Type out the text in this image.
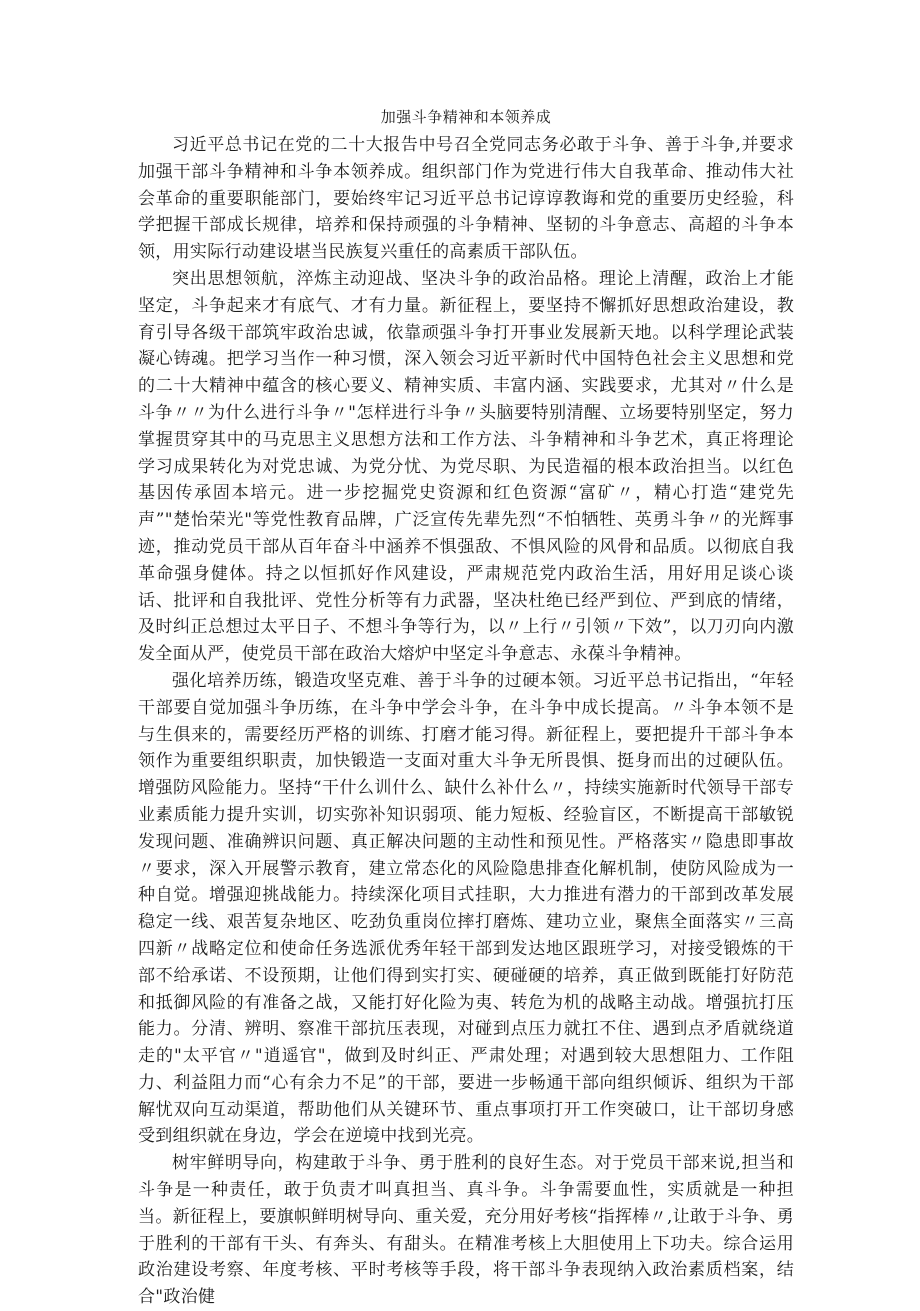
加强斗争精神和本领养成

习近平总书记在党的二十大报告中号召全党同志务必敢于斗争、善于斗争,并要求加强干部斗争精神和斗争本领养成。组织部门作为党进行伟大自我革命、推动伟大社会革命的重要职能部门，要始终牢记习近平总书记谆谆教诲和党的重要历史经验，科学把握干部成长规律，培养和保持顽强的斗争精神、坚韧的斗争意志、高超的斗争本领，用实际行动建设堪当民族复兴重任的高素质干部队伍。

突出思想领航，淬炼主动迎战、坚决斗争的政治品格。理论上清醒，政治上才能坚定，斗争起来才有底气、才有力量。新征程上，要坚持不懈抓好思想政治建设，教育引导各级干部筑牢政治忠诚，依靠顽强斗争打开事业发展新天地。以科学理论武装凝心铸魂。把学习当作一种习惯，深入领会习近平新时代中国特色社会主义思想和党的二十大精神中蕴含的核心要义、精神实质、丰富内涵、实践要求，尤其对〃什么是斗争〃〃为什么进行斗争〃"怎样进行斗争〃头脑要特别清醒、立场要特别坚定，努力掌握贯穿其中的马克思主义思想方法和工作方法、斗争精神和斗争艺术，真正将理论学习成果转化为对党忠诚、为党分忧、为党尽职、为民造福的根本政治担当。以红色基因传承固本培元。进一步挖掘党史资源和红色资源“富矿〃，精心打造“建党先声”"楚怡荣光"等党性教育品牌，广泛宣传先辈先烈“不怕牺牲、英勇斗争〃的光辉事迹，推动党员干部从百年奋斗中涵养不惧强敌、不惧风险的风骨和品质。以彻底自我革命强身健体。持之以恒抓好作风建设，严肃规范党内政治生活，用好用足谈心谈话、批评和自我批评、党性分析等有力武器，坚决杜绝已经严到位、严到底的情绪，及时纠正总想过太平日子、不想斗争等行为，以〃上行〃引领〃下效”，以刀刃向内激发全面从严，使党员干部在政治大熔炉中坚定斗争意志、永葆斗争精神。

强化培养历练，锻造攻坚克难、善于斗争的过硬本领。习近平总书记指出，“年轻干部要自觉加强斗争历练，在斗争中学会斗争，在斗争中成长提高。〃斗争本领不是与生俱来的，需要经历严格的训练、打磨才能习得。新征程上，要把提升干部斗争本领作为重要组织职责，加快锻造一支面对重大斗争无所畏惧、挺身而出的过硬队伍。增强防风险能力。坚持“干什么训什么、缺什么补什么〃，持续实施新时代领导干部专业素质能力提升实训，切实弥补知识弱项、能力短板、经验盲区，不断提高干部敏锐发现问题、准确辨识问题、真正解决问题的主动性和预见性。严格落实〃隐患即事故〃要求，深入开展警示教育，建立常态化的风险隐患排查化解机制，使防风险成为一种自觉。增强迎挑战能力。持续深化项目式挂职，大力推进有潜力的干部到改革发展稳定一线、艰苦复杂地区、吃劲负重岗位摔打磨炼、建功立业，聚焦全面落实〃三高四新〃战略定位和使命任务选派优秀年轻干部到发达地区跟班学习，对接受锻炼的干部不给承诺、不设预期，让他们得到实打实、硬碰硬的培养，真正做到既能打好防范和抵御风险的有准备之战，又能打好化险为夷、转危为机的战略主动战。增强抗打压能力。分清、辨明、察准干部抗压表现，对碰到点压力就扛不住、遇到点矛盾就绕道走的"太平官〃"逍遥官"，做到及时纠正、严肃处理；对遇到较大思想阻力、工作阻力、利益阻力而“心有余力不足”的干部，要进一步畅通干部向组织倾诉、组织为干部解忧双向互动渠道，帮助他们从关键环节、重点事项打开工作突破口，让干部切身感受到组织就在身边，学会在逆境中找到光亮。

树牢鲜明导向，构建敢于斗争、勇于胜利的良好生态。对于党员干部来说,担当和斗争是一种责任，敢于负责才叫真担当、真斗争。斗争需要血性，实质就是一种担当。新征程上，要旗帜鲜明树导向、重关爱，充分用好考核“指挥棒〃,让敢于斗争、勇于胜利的干部有干头、有奔头、有甜头。在精准考核上大胆使用上下功夫。综合运用政治建设考察、年度考核、平时考核等手段，将干部斗争表现纳入政治素质档案，结合"政治健
